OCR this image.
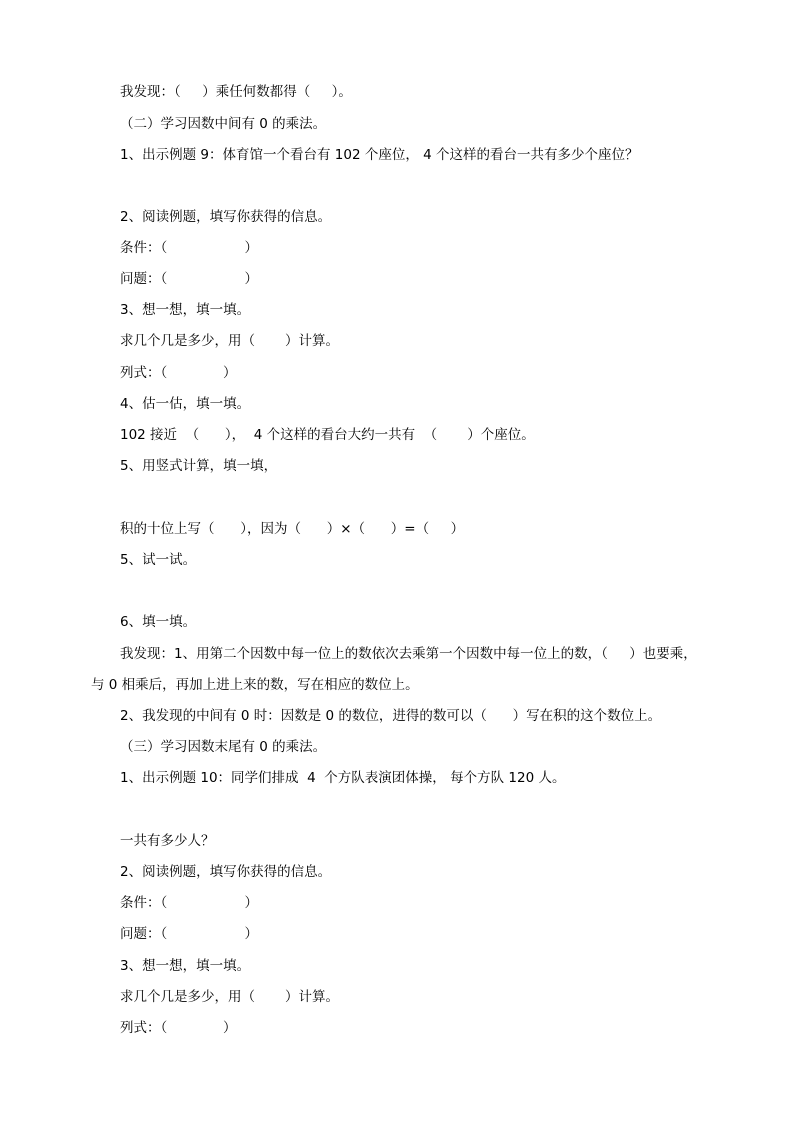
我发现：（     ）乘任何数都得（     ）。
（二）学习因数中间有 0 的乘法。
1、出示例题 9：体育馆一个看台有 102 个座位， 4 个这样的看台一共有多少个座位？
2、阅读例题，填写你获得的信息。
条件：（                  ）
问题：（                  ）
3、想一想，填一填。
求几个几是多少，用（       ）计算。
列式：（             ）
4、估一估，填一填。
102 接近  （      ），  4 个这样的看台大约一共有  （       ）个座位。
5、用竖式计算，填一填，
积的十位上写（      ），因为（      ）×（      ）=（     ）
5、试一试。
6、填一填。
我发现：1、用第二个因数中每一位上的数依次去乘第一个因数中每一位上的数，（     ）也要乘，
与 0 相乘后，再加上进上来的数，写在相应的数位上。
2、我发现的中间有 0 时：因数是 0 的数位，进得的数可以（      ）写在积的这个数位上。
（三）学习因数末尾有 0 的乘法。
1、出示例题 10：同学们排成  4  个方队表演团体操， 每个方队 120 人。
一共有多少人？
2、阅读例题，填写你获得的信息。
条件：（                  ）
问题：（                  ）
3、想一想，填一填。
求几个几是多少，用（       ）计算。
列式：（             ）
